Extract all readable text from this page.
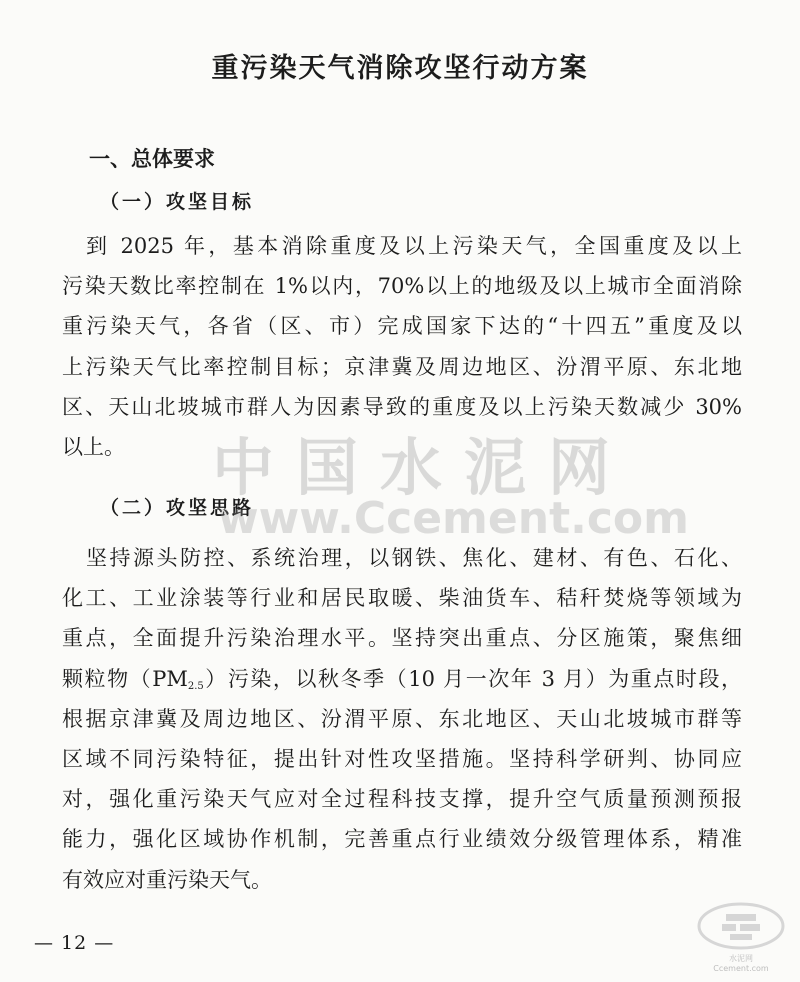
重污染天气消除攻坚行动方案
一、总体要求
（一）攻坚目标
到 2025 年，基本消除重度及以上污染天气，全国重度及以上
污染天数比率控制在 1%以内，70%以上的地级及以上城市全面消除
重污染天气，各省（区、市）完成国家下达的“十四五”重度及以
上污染天气比率控制目标；京津冀及周边地区、汾渭平原、东北地
区、天山北坡城市群人为因素导致的重度及以上污染天数减少 30%
以上。
（二）攻坚思路
坚持源头防控、系统治理，以钢铁、焦化、建材、有色、石化、
化工、工业涂装等行业和居民取暖、柴油货车、秸秆焚烧等领域为
重点，全面提升污染治理水平。坚持突出重点、分区施策，聚焦细
颗粒物$(PM_{2.5})$污染，以秋冬季（10 月一次年 3 月）为重点时段，
根据京津冀及周边地区、汾渭平原、东北地区、天山北坡城市群等
区域不同污染特征，提出针对性攻坚措施。坚持科学研判、协同应
对，强化重污染天气应对全过程科技支撑，提升空气质量预测预报
能力，强化区域协作机制，完善重点行业绩效分级管理体系，精准
有效应对重污染天气。
中国水泥网
www.Ccement.com
— 12 —
水泥网
Ccement.com
